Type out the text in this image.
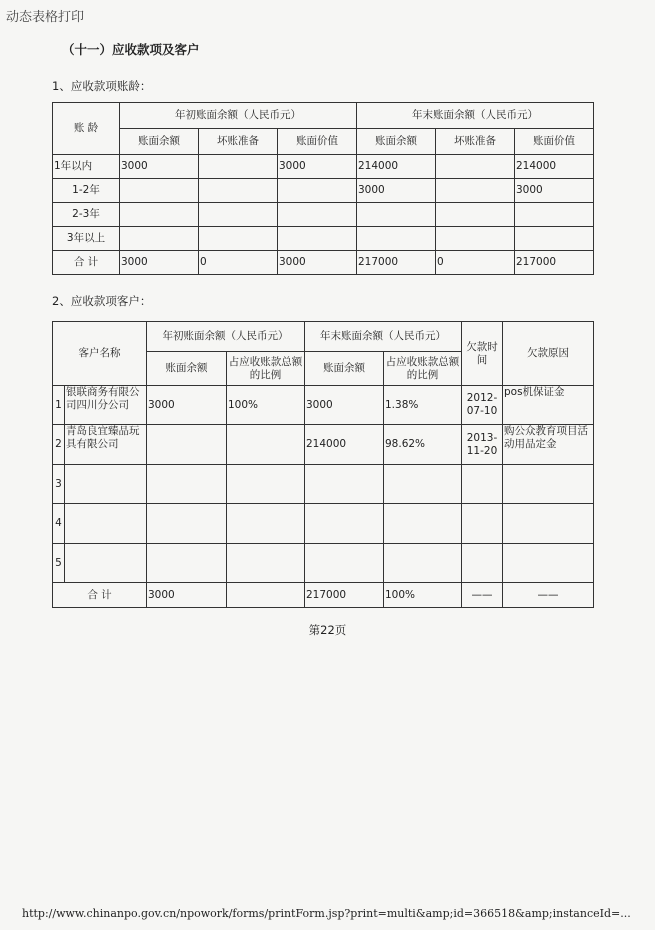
动态表格打印
（十一）应收款项及客户
1、应收款项账龄：
账 龄	年初账面余额（人民币元）			年末账面余额（人民币元）		
	账面余额	坏账准备	账面价值	账面余额	坏账准备	账面价值
1年以内	3000		3000	214000		214000
1-2年				3000		3000
2-3年						
3年以上						
合 计	3000	0	3000	217000	0	217000
2、应收款项客户：
客户名称		年初账面余额（人民币元）		年末账面余额（人民币元）		欠款时间	欠款原因
		账面余额	占应收账款总额的比例	账面余额	占应收账款总额的比例		
1	银联商务有限公司四川分公司	3000	100%	3000	1.38%	2012-07-10	pos机保证金
2	青岛良宜臻品玩具有限公司			214000	98.62%	2013-11-20	购公众教育项目活动用品定金
3							
4							
5							
合 计		3000		217000	100%	——	——
第22页
http://www.chinanpo.gov.cn/npowork/forms/printForm.jsp?print=multi&amp;id=366518&amp;instanceId=...
